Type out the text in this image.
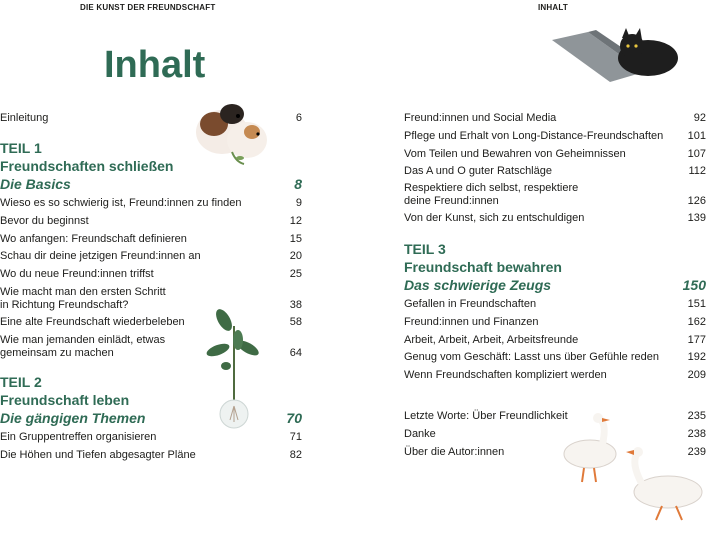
DIE KUNST DER FREUNDSCHAFT	INHALT
Inhalt
Einleitung	6
TEIL 1
Freundschaften schließen
Die Basics	8
Wieso es so schwierig ist, Freund:innen zu finden	9
Bevor du beginnst	12
Wo anfangen: Freundschaft definieren	15
Schau dir deine jetzigen Freund:innen an	20
Wo du neue Freund:innen triffst	25
Wie macht man den ersten Schritt
in Richtung Freundschaft?	38
Eine alte Freundschaft wiederbeleben	58
Wie man jemanden einlädt, etwas
gemeinsam zu machen	64
TEIL 2
Freundschaft leben
Die gängigen Themen	70
Ein Gruppentreffen organisieren	71
Die Höhen und Tiefen abgesagter Pläne	82
Freund:innen und Social Media	92
Pflege und Erhalt von Long-Distance-Freundschaften 101
Vom Teilen und Bewahren von Geheimnissen	107
Das A und O guter Ratschläge	112
Respektiere dich selbst, respektiere
deine Freund:innen	126
Von der Kunst, sich zu entschuldigen	139
TEIL 3
Freundschaft bewahren
Das schwierige Zeugs	150
Gefallen in Freundschaften	151
Freund:innen und Finanzen	162
Arbeit, Arbeit, Arbeit, Arbeitsfreunde	177
Genug vom Geschäft: Lasst uns über Gefühle reden	192
Wenn Freundschaften kompliziert werden	209
Letzte Worte: Über Freundlichkeit	235
Danke	238
Über die Autor:innen	239
